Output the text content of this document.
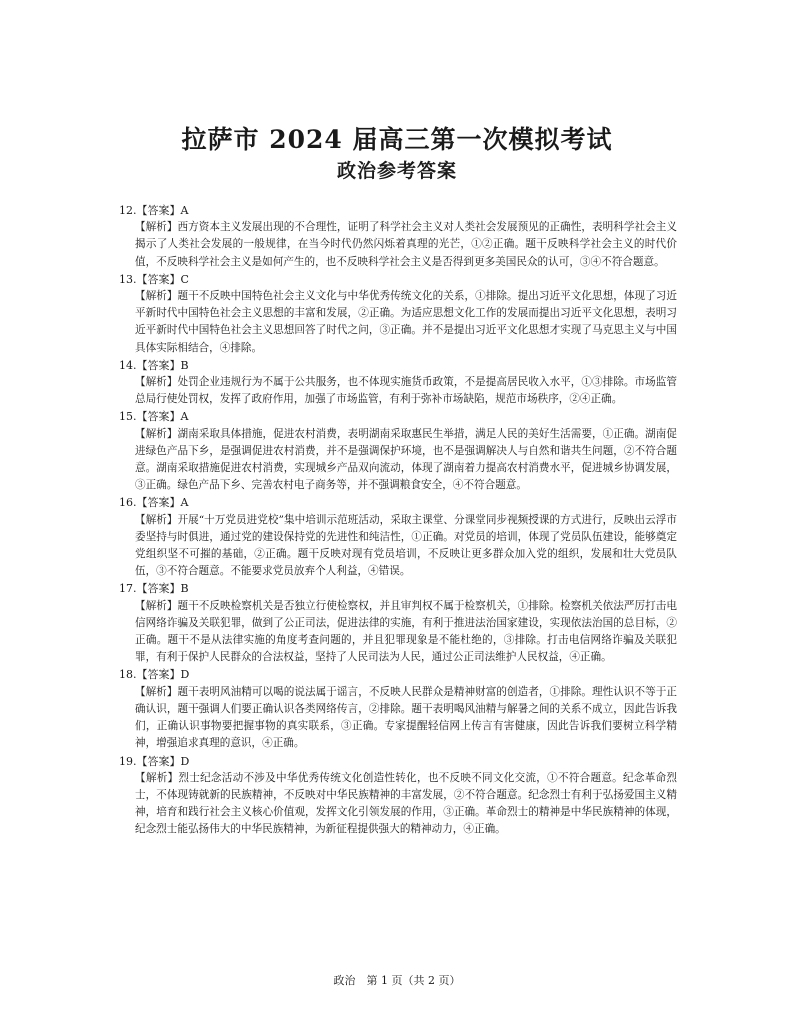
拉萨市 2024 届高三第一次模拟考试
政治参考答案

12.【答案】A

【解析】西方资本主义发展出现的不合理性，证明了科学社会主义对人类社会发展预见的正确性，表明科学社会主义揭示了人类社会发展的一般规律，在当今时代仍然闪烁着真理的光芒，①②正确。题干反映科学社会主义的时代价值，不反映科学社会主义是如何产生的，也不反映科学社会主义是否得到更多美国民众的认可，③④不符合题意。

13.【答案】C

【解析】题干不反映中国特色社会主义文化与中华优秀传统文化的关系，①排除。提出习近平文化思想，体现了习近平新时代中国特色社会主义思想的丰富和发展，②正确。为适应思想文化工作的发展而提出习近平文化思想，表明习近平新时代中国特色社会主义思想回答了时代之问，③正确。并不是提出习近平文化思想才实现了马克思主义与中国具体实际相结合，④排除。

14.【答案】B

【解析】处罚企业违规行为不属于公共服务，也不体现实施货币政策，不是提高居民收入水平，①③排除。市场监管总局行使处罚权，发挥了政府作用，加强了市场监管，有利于弥补市场缺陷，规范市场秩序，②④正确。

15.【答案】A

【解析】湖南采取具体措施，促进农村消费，表明湖南采取惠民生举措，满足人民的美好生活需要，①正确。湖南促进绿色产品下乡，是强调促进农村消费，并不是强调保护环境，也不是强调解决人与自然和谐共生问题，②不符合题意。湖南采取措施促进农村消费，实现城乡产品双向流动，体现了湖南着力提高农村消费水平，促进城乡协调发展，③正确。绿色产品下乡、完善农村电子商务等，并不强调粮食安全，④不符合题意。

16.【答案】A

【解析】开展“十万党员进党校”集中培训示范班活动，采取主课堂、分课堂同步视频授课的方式进行，反映出云浮市委坚持与时俱进，通过党的建设保持党的先进性和纯洁性，①正确。对党员的培训，体现了党员队伍建设，能够奠定党组织坚不可摧的基础，②正确。题干反映对现有党员培训，不反映让更多群众加入党的组织，发展和壮大党员队伍，③不符合题意。不能要求党员放弃个人利益，④错误。

17.【答案】B

【解析】题干不反映检察机关是否独立行使检察权，并且审判权不属于检察机关，①排除。检察机关依法严厉打击电信网络诈骗及关联犯罪，做到了公正司法，促进法律的实施，有利于推进法治国家建设，实现依法治国的总目标，②正确。题干不是从法律实施的角度考查问题的，并且犯罪现象是不能杜绝的，③排除。打击电信网络诈骗及关联犯罪，有利于保护人民群众的合法权益，坚持了人民司法为人民，通过公正司法维护人民权益，④正确。

18.【答案】D

【解析】题干表明风油精可以喝的说法属于谣言，不反映人民群众是精神财富的创造者，①排除。理性认识不等于正确认识，题干强调人们要正确认识各类网络传言，②排除。题干表明喝风油精与解暑之间的关系不成立，因此告诉我们，正确认识事物要把握事物的真实联系，③正确。专家提醒轻信网上传言有害健康，因此告诉我们要树立科学精神，增强追求真理的意识，④正确。

19.【答案】D

【解析】烈士纪念活动不涉及中华优秀传统文化创造性转化，也不反映不同文化交流，①不符合题意。纪念革命烈士，不体现铸就新的民族精神，不反映对中华民族精神的丰富发展，②不符合题意。纪念烈士有利于弘扬爱国主义精神，培育和践行社会主义核心价值观，发挥文化引领发展的作用，③正确。革命烈士的精神是中华民族精神的体现，纪念烈士能弘扬伟大的中华民族精神，为新征程提供强大的精神动力，④正确。

政治　第 1 页（共 2 页）
